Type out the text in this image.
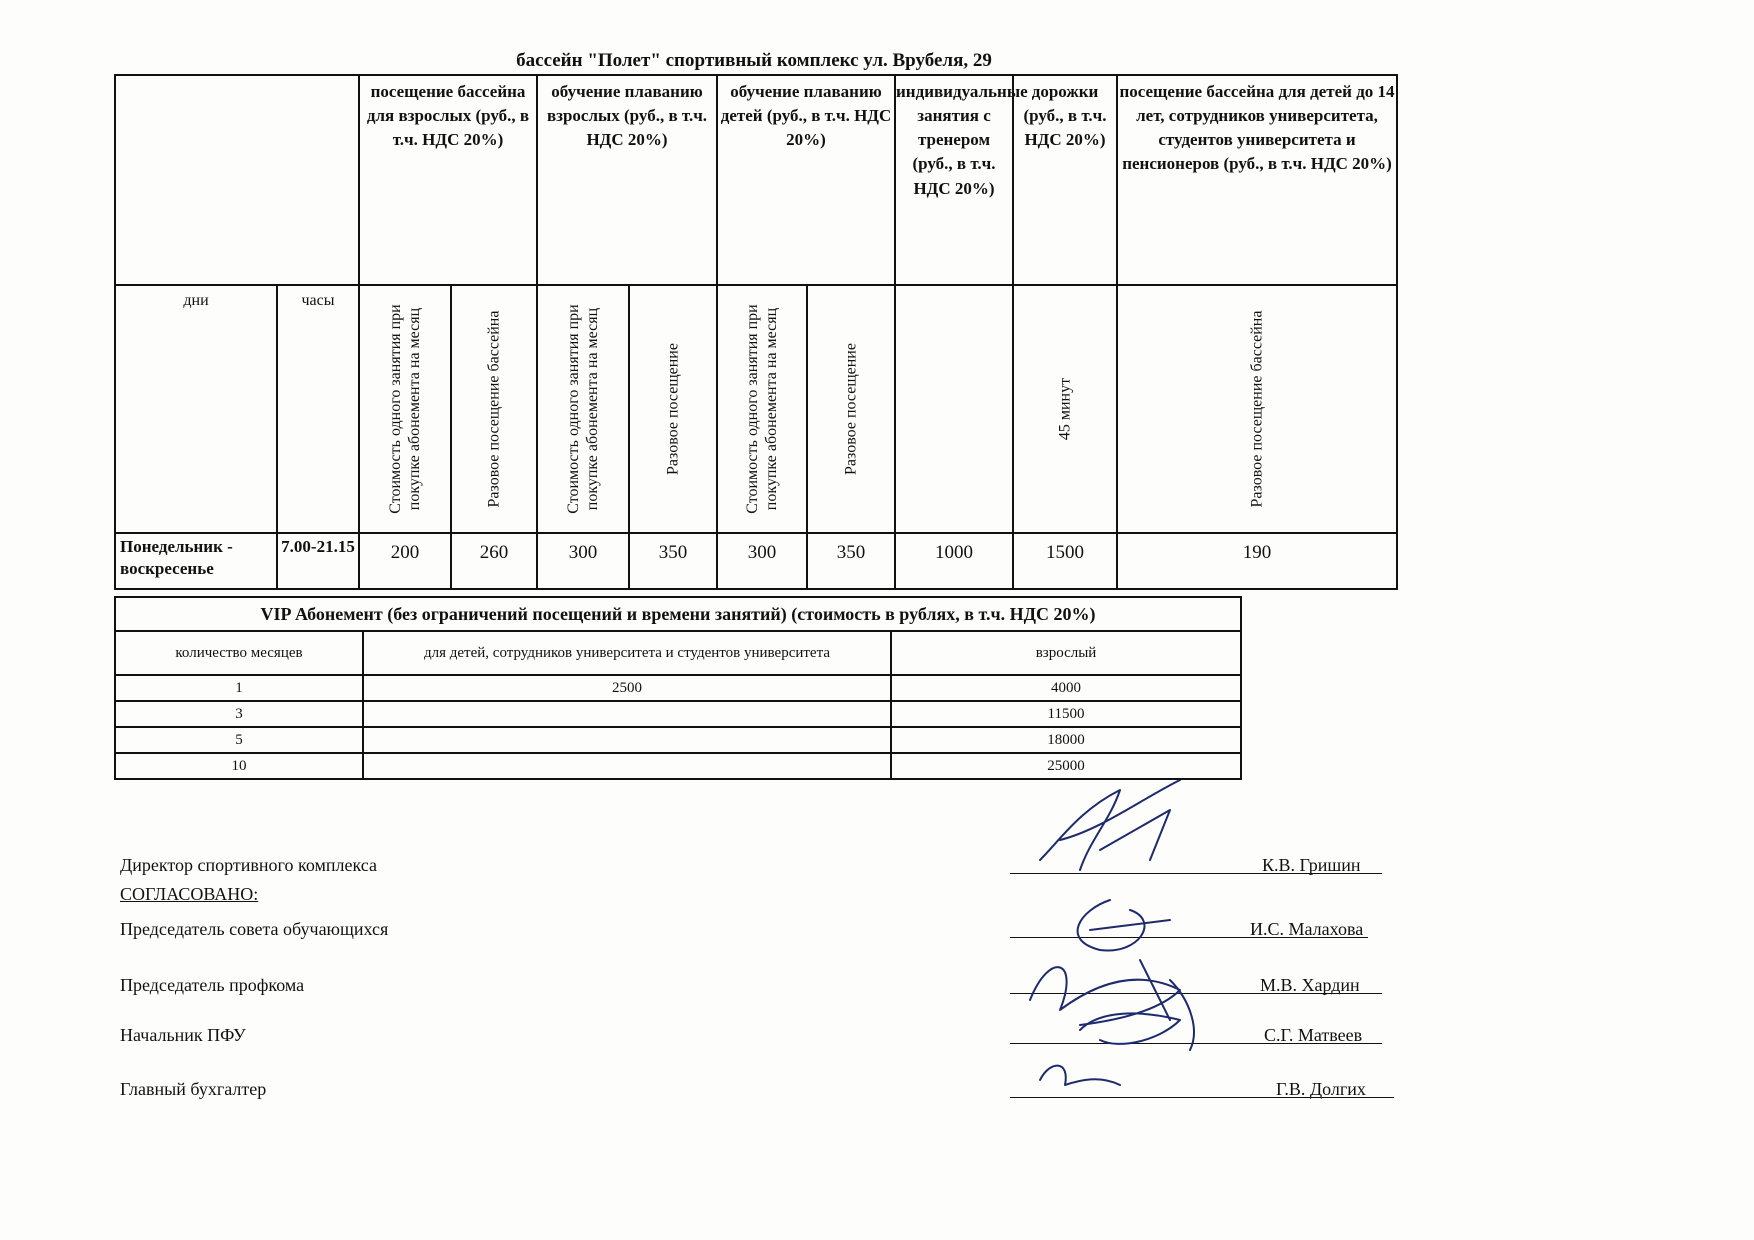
бассейн "Полет" спортивный комплекс ул. Врубеля, 29
		посещение бассейна для взрослых (руб., в т.ч. НДС 20%)		обучение плаванию взрослых (руб., в т.ч. НДС 20%)		обучение плаванию детей (руб., в т.ч. НДС 20%)		индивидуальные занятия с тренером (руб., в т.ч. НДС 20%)	дорожки (руб., в т.ч. НДС 20%)	посещение бассейна для детей до 14 лет, сотрудников университета, студентов университета и пенсионеров (руб., в т.ч. НДС 20%)
дни	часы	Стоимость одного занятия при покупке абонемента на месяц	Разовое посещение бассейна	Стоимость одного занятия при покупке абонемента на месяц	Разовое посещение	Стоимость одного занятия при покупке абонемента на месяц	Разовое посещение		45 минут	Разовое посещение бассейна

Понедельник - воскресенье	7.00-21.15	200	260	300	350	300	350	1000	1500	190
VIP Абонемент (без ограничений посещений и времени занятий) (стоимость в рублях, в т.ч. НДС 20%)		
количество месяцев	для детей, сотрудников университета и студентов университета	взрослый
1	2500	4000
3		11500
5		18000
10		25000
Директор спортивного комплекса	К.В. Гришин
СОГЛАСОВАНО:
Председатель совета обучающихся	И.С. Малахова
Председатель профкома	М.В. Хардин
Начальник ПФУ	С.Г. Матвеев
Главный бухгалтер	Г.В. Долгих
